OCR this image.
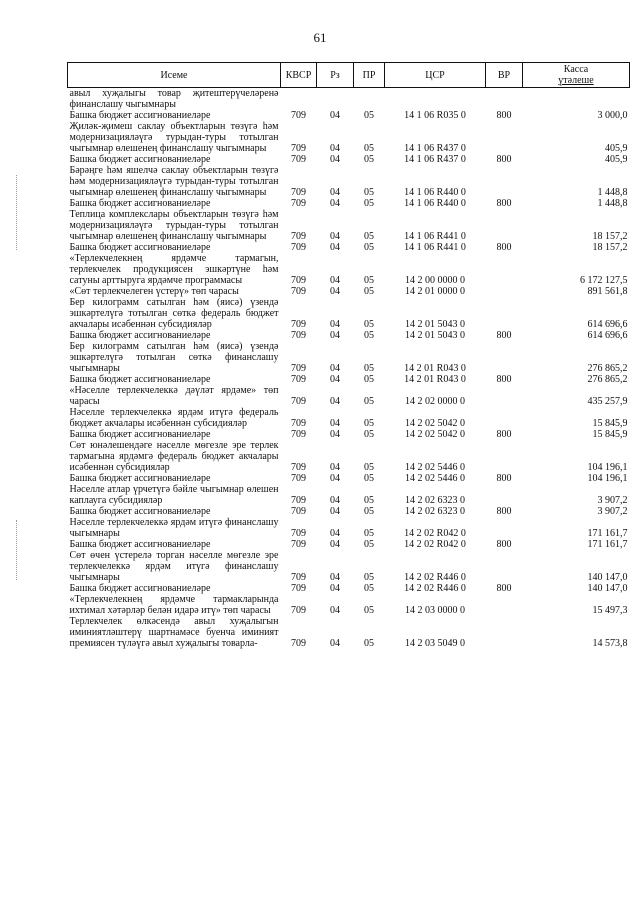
61
Исеме	КВСР	Рз	ПР	ЦСР	ВР	Касса
үтәлеше
авыл хуҗалыгы товар җитештерүчеләренә финанслашу чыгымнары						
Башка бюджет ассигнованиеләре	709	04	05	14 1 06 R035 0	800	3 000,0
Җиләк-җимеш саклау объектларын төзүгә һәм модернизацияләүгә турыдан-туры тотылган чыгымнар өлешенең финанслашу чыгымнары	709	04	05	14 1 06 R437 0		405,9
Башка бюджет ассигнованиеләре	709	04	05	14 1 06 R437 0	800	405,9
Бәрәңге һәм яшелчә саклау объектларын төзүгә һәм модернизацияләүгә турыдан-туры тотылган чыгымнар өлешенең финанслашу чыгымнары	709	04	05	14 1 06 R440 0		1 448,8
Башка бюджет ассигнованиеләре	709	04	05	14 1 06 R440 0	800	1 448,8
Теплица комплекслары объектларын төзүгә һәм модернизацияләүгә турыдан-туры тотылган чыгымнар өлешенең финанслашу чыгымнары	709	04	05	14 1 06 R441 0		18 157,2
Башка бюджет ассигнованиеләре	709	04	05	14 1 06 R441 0	800	18 157,2
«Терлекчелекнең ярдәмче тармагын, терлекчелек продукциясен эшкәртүне һәм сатуны арттыруга ярдәмче программасы	709	04	05	14 2 00 0000 0		6 172 127,5
«Сөт терлекчелеген үстерү» төп чарасы	709	04	05	14 2 01 0000 0		891 561,8
Бер килограмм сатылган һәм (яисә) үзендә эшкәртелүгә тотылган сөткә федераль бюджет акчалары исәбеннән субсидияләр	709	04	05	14 2 01 5043 0		614 696,6
Башка бюджет ассигнованиеләре	709	04	05	14 2 01 5043 0	800	614 696,6
Бер килограмм сатылган һәм (яисә) үзендә эшкәртелүгә тотылган сөткә финанслашу чыгымнары	709	04	05	14 2 01 R043 0		276 865,2
Башка бюджет ассигнованиеләре	709	04	05	14 2 01 R043 0	800	276 865,2
«Нәселле терлекчелеккә дәүләт ярдәме» төп чарасы	709	04	05	14 2 02 0000 0		435 257,9
Нәселле терлекчелеккә ярдәм итүгә федераль бюджет акчалары исәбеннән субсидияләр	709	04	05	14 2 02 5042 0		15 845,9
Башка бюджет ассигнованиеләре	709	04	05	14 2 02 5042 0	800	15 845,9
Сөт юнәлешендәге нәселле мөгезле эре терлек тармагына ярдәмгә федераль бюджет акчалары исәбеннән субсидияләр	709	04	05	14 2 02 5446 0		104 196,1
Башка бюджет ассигнованиеләре	709	04	05	14 2 02 5446 0	800	104 196,1
Нәселле атлар үрчетүгә бәйле чыгымнар өлешен каплауга субсидияләр	709	04	05	14 2 02 6323 0		3 907,2
Башка бюджет ассигнованиеләре	709	04	05	14 2 02 6323 0	800	3 907,2
Нәселле терлекчелеккә ярдәм итүгә финанслашу чыгымнары	709	04	05	14 2 02 R042 0		171 161,7
Башка бюджет ассигнованиеләре	709	04	05	14 2 02 R042 0	800	171 161,7
Сөт өчен үстерелә торган нәселле мөгезле эре терлекчелеккә ярдәм итүгә финанслашу чыгымнары	709	04	05	14 2 02 R446 0		140 147,0
Башка бюджет ассигнованиеләре	709	04	05	14 2 02 R446 0	800	140 147,0
«Терлекчелекнең ярдәмче тармакларында ихтимал хәтәрләр белән идарә итү» төп чарасы	709	04	05	14 2 03 0000 0		15 497,3
Терлекчелек өлкәсендә авыл хуҗалыгын иминиятләштерү шартнамәсе буенча иминият премиясен түләүгә авыл хуҗалыгы товарла-	709	04	05	14 2 03 5049 0		14 573,8
